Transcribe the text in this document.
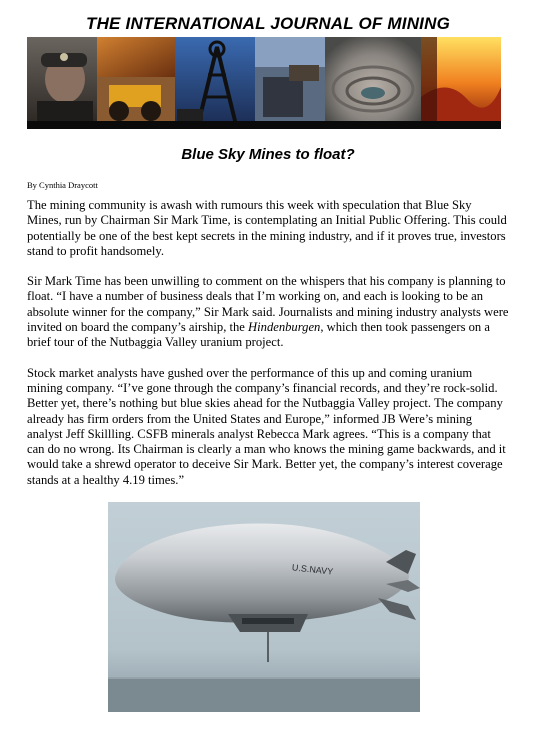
THE INTERNATIONAL JOURNAL OF MINING
Blue Sky Mines to float?
By Cynthia Draycott

The mining community is awash with rumours this week with speculation that Blue Sky Mines, run by Chairman Sir Mark Time, is contemplating an Initial Public Offering. This could potentially be one of the best kept secrets in the mining industry, and if it proves true, investors stand to profit handsomely.

Sir Mark Time has been unwilling to comment on the whispers that his company is planning to float. “I have a number of business deals that I’m working on, and each is looking to be an absolute winner for the company,” Sir Mark said. Journalists and mining industry analysts were invited on board the company’s airship, the Hindenburgen, which then took passengers on a brief tour of the Nutbaggia Valley uranium project.

Stock market analysts have gushed over the performance of this up and coming uranium mining company. “I’ve gone through the company’s financial records, and they’re rock-solid. Better yet, there’s nothing but blue skies ahead for the Nutbaggia Valley project. The company already has firm orders from the United States and Europe,” informed JB Were’s mining analyst Jeff Skillling. CSFB minerals analyst Rebecca Mark agrees. “This is a company that can do no wrong. Its Chairman is clearly a man who knows the mining game backwards, and it would take a shrewd operator to deceive Sir Mark. Better yet, the company’s interest coverage stands at a healthy 4.19 times.”

U.S.NAVY
